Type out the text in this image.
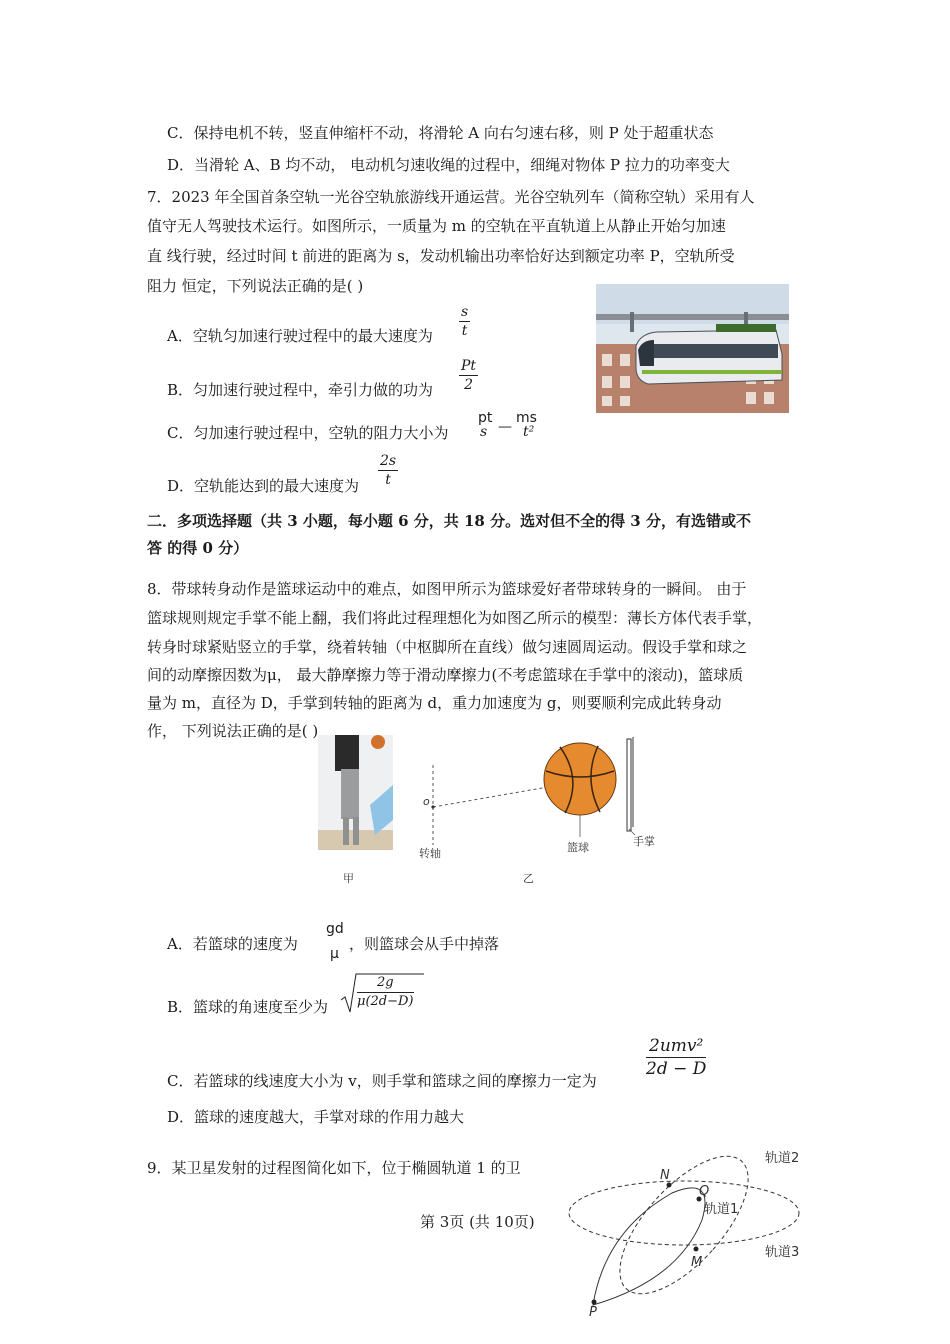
C．保持电机不转，竖直伸缩杆不动，将滑轮 A 向右匀速右移，则 P 处于超重状态
D．当滑轮 A、B 均不动， 电动机匀速收绳的过程中，细绳对物体 P 拉力的功率变大
7．2023 年全国首条空轨一光谷空轨旅游线开通运营。光谷空轨列车（简称空轨）采用有人
值守无人驾驶技术运行。如图所示，一质量为 m 的空轨在平直轨道上从静止开始匀加速
直 线行驶，经过时间 t 前进的距离为 s，发动机输出功率恰好达到额定功率 P，空轨所受
阻力 恒定，下列说法正确的是( )
A．空轨匀加速行驶过程中的最大速度为 $\frac{s}{t}$
B．匀加速行驶过程中，牵引力做的功为 $\frac{Pt}{2}$
C．匀加速行驶过程中，空轨的阻力大小为
pt
s —
ms
t²
D．空轨能达到的最大速度为 $\frac{2s}{t}$
二．多项选择题（共 3 小题，每小题 6 分，共 18 分。选对但不全的得 3 分，有选错或不
答 的得 0 分）
8．带球转身动作是篮球运动中的难点，如图甲所示为篮球爱好者带球转身的一瞬间。 由于
篮球规则规定手掌不能上翻，我们将此过程理想化为如图乙所示的模型：薄长方体代表手掌，
转身时球紧贴竖立的手掌，绕着转轴（中枢脚所在直线）做匀速圆周运动。假设手掌和球之
间的动摩擦因数为μ， 最大静摩擦力等于滑动摩擦力(不考虑篮球在手掌中的滚动)，篮球质
量为 m，直径为 D，手掌到转轴的距离为 d，重力加速度为 g，则要顺利完成此转身动
作， 下列说法正确的是( )
o
转轴	篮球	手掌
甲	乙
A．若篮球的速度为
gd
μ
，则篮球会从手中掉落
B．篮球的角速度至少为 $\frac{2g}{\mu(2d-D)}$
C．若篮球的线速度大小为 v，则手掌和篮球之间的摩擦力一定为
2umv²
2d − D
D．篮球的速度越大，手掌对球的作用力越大
9．某卫星发射的过程图简化如下，位于椭圆轨道 1 的卫
第 3页 (共 10页)
N
Q
M
P
轨道1
轨道2
轨道3
